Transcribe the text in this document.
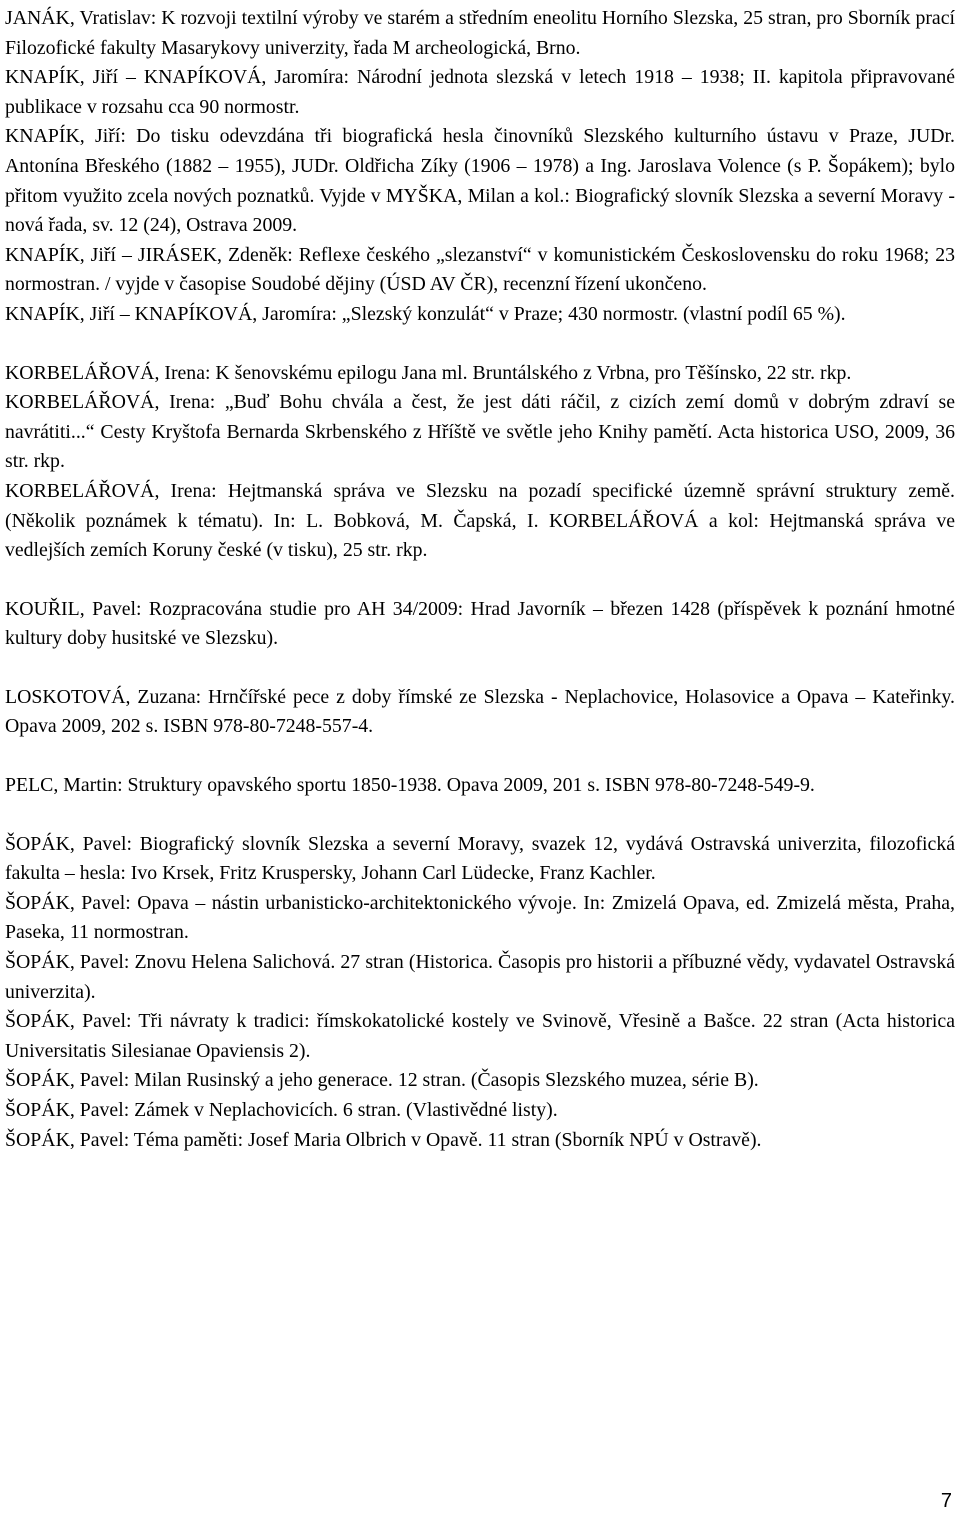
JANÁK, Vratislav: K rozvoji textilní výroby ve starém a středním eneolitu Horního Slezska, 25 stran, pro Sborník prací Filozofické fakulty Masarykovy univerzity, řada M archeologická, Brno.

KNAPÍK, Jiří – KNAPÍKOVÁ, Jaromíra: Národní jednota slezská v letech 1918 – 1938; II. kapitola připravované publikace v rozsahu cca 90 normostr.

KNAPÍK, Jiří: Do tisku odevzdána tři biografická hesla činovníků Slezského kulturního ústavu v Praze, JUDr. Antonína Břeského (1882 – 1955), JUDr. Oldřicha Zíky (1906 – 1978) a Ing. Jaroslava Volence (s P. Šopákem); bylo přitom využito zcela nových poznatků. Vyjde v MYŠKA, Milan a kol.: Biografický slovník Slezska a severní Moravy - nová řada, sv. 12 (24), Ostrava 2009.

KNAPÍK, Jiří – JIRÁSEK, Zdeněk: Reflexe českého „slezanství“ v komunistickém Československu do roku 1968; 23 normostran. / vyjde v časopise Soudobé dějiny (ÚSD AV ČR), recenzní řízení ukončeno.

KNAPÍK, Jiří – KNAPÍKOVÁ, Jaromíra: „Slezský konzulát“ v Praze; 430 normostr. (vlastní podíl 65 %).

KORBELÁŘOVÁ, Irena: K šenovskému epilogu Jana ml. Bruntálského z Vrbna, pro Těšínsko, 22 str. rkp.

KORBELÁŘOVÁ, Irena: „Buď Bohu chvála a čest, že jest dáti ráčil, z cizích zemí domů v dobrým zdraví se navrátiti...“ Cesty Kryštofa Bernarda Skrbenského z Hříště ve světle jeho Knihy pamětí. Acta historica USO, 2009, 36 str. rkp.

KORBELÁŘOVÁ, Irena: Hejtmanská správa ve Slezsku na pozadí specifické územně správní struktury země. (Několik poznámek k tématu). In: L. Bobková, M. Čapská, I. KORBELÁŘOVÁ a kol: Hejtmanská správa ve vedlejších zemích Koruny české (v tisku), 25 str. rkp.

KOUŘIL, Pavel: Rozpracována studie pro AH 34/2009: Hrad Javorník – březen 1428 (příspěvek k poznání hmotné kultury doby husitské ve Slezsku).

LOSKOTOVÁ, Zuzana: Hrnčířské pece z doby římské ze Slezska - Neplachovice, Holasovice a Opava – Kateřinky. Opava 2009, 202 s. ISBN 978-80-7248-557-4.

PELC, Martin: Struktury opavského sportu 1850-1938. Opava 2009, 201 s. ISBN 978-80-7248-549-9.

ŠOPÁK, Pavel: Biografický slovník Slezska a severní Moravy, svazek 12, vydává Ostravská univerzita, filozofická fakulta – hesla: Ivo Krsek, Fritz Kruspersky, Johann Carl Lüdecke, Franz Kachler.

ŠOPÁK, Pavel: Opava – nástin urbanisticko-architektonického vývoje. In: Zmizelá Opava, ed. Zmizelá města, Praha, Paseka, 11 normostran.

ŠOPÁK, Pavel: Znovu Helena Salichová. 27 stran (Historica. Časopis pro historii a příbuzné vědy, vydavatel Ostravská univerzita).

ŠOPÁK, Pavel: Tři návraty k tradici: římskokatolické kostely ve Svinově, Vřesině a Bašce. 22 stran (Acta historica Universitatis Silesianae Opaviensis 2).

ŠOPÁK, Pavel: Milan Rusinský a jeho generace. 12 stran. (Časopis Slezského muzea, série B).

ŠOPÁK, Pavel: Zámek v Neplachovicích. 6 stran. (Vlastivědné listy).

ŠOPÁK, Pavel: Téma paměti: Josef Maria Olbrich v Opavě. 11 stran (Sborník NPÚ v Ostravě).

7
